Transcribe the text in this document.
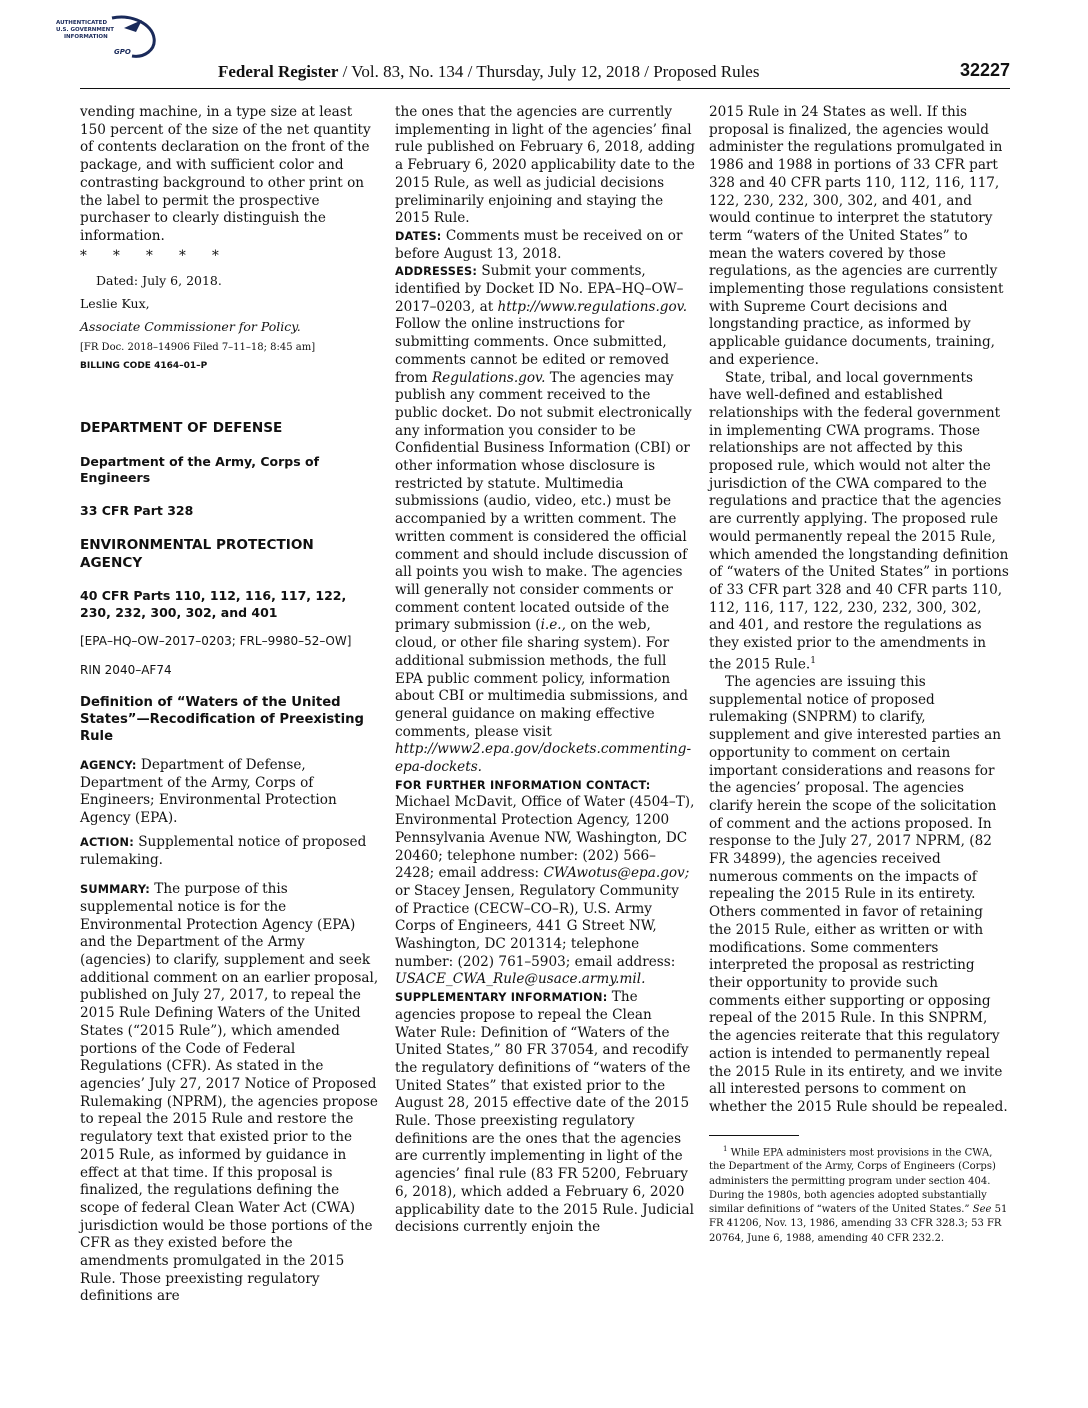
AUTHENTICATED
U.S. GOVERNMENT
INFORMATION
GPO
Federal Register / Vol. 83, No. 134 / Thursday, July 12, 2018 / Proposed Rules	32227

vending machine, in a type size at least 150 percent of the size of the net quantity of contents declaration on the front of the package, and with sufficient color and contrasting background to other print on the label to permit the prospective purchaser to clearly distinguish the information.

* * * * *

Dated: July 6, 2018.

Leslie Kux,

Associate Commissioner for Policy.

[FR Doc. 2018–14906 Filed 7–11–18; 8:45 am]

BILLING CODE 4164–01–P

DEPARTMENT OF DEFENSE

Department of the Army, Corps of Engineers

33 CFR Part 328

ENVIRONMENTAL PROTECTION AGENCY

40 CFR Parts 110, 112, 116, 117, 122, 230, 232, 300, 302, and 401

[EPA–HQ–OW–2017–0203; FRL–9980–52–OW]

RIN 2040–AF74

Definition of “Waters of the United States”—Recodification of Preexisting Rule

AGENCY: Department of Defense, Department of the Army, Corps of Engineers; Environmental Protection Agency (EPA).

ACTION: Supplemental notice of proposed rulemaking.

SUMMARY: The purpose of this supplemental notice is for the Environmental Protection Agency (EPA) and the Department of the Army (agencies) to clarify, supplement and seek additional comment on an earlier proposal, published on July 27, 2017, to repeal the 2015 Rule Defining Waters of the United States (“2015 Rule”), which amended portions of the Code of Federal Regulations (CFR). As stated in the agencies’ July 27, 2017 Notice of Proposed Rulemaking (NPRM), the agencies propose to repeal the 2015 Rule and restore the regulatory text that existed prior to the 2015 Rule, as informed by guidance in effect at that time. If this proposal is finalized, the regulations defining the scope of federal Clean Water Act (CWA) jurisdiction would be those portions of the CFR as they existed before the amendments promulgated in the 2015 Rule. Those preexisting regulatory definitions are

the ones that the agencies are currently implementing in light of the agencies’ final rule published on February 6, 2018, adding a February 6, 2020 applicability date to the 2015 Rule, as well as judicial decisions preliminarily enjoining and staying the 2015 Rule.

DATES: Comments must be received on or before August 13, 2018.

ADDRESSES: Submit your comments, identified by Docket ID No. EPA–HQ–OW–2017–0203, at http://www.regulations.gov. Follow the online instructions for submitting comments. Once submitted, comments cannot be edited or removed from Regulations.gov. The agencies may publish any comment received to the public docket. Do not submit electronically any information you consider to be Confidential Business Information (CBI) or other information whose disclosure is restricted by statute. Multimedia submissions (audio, video, etc.) must be accompanied by a written comment. The written comment is considered the official comment and should include discussion of all points you wish to make. The agencies will generally not consider comments or comment content located outside of the primary submission (i.e., on the web, cloud, or other file sharing system). For additional submission methods, the full EPA public comment policy, information about CBI or multimedia submissions, and general guidance on making effective comments, please visit http://www2.epa.gov/dockets.commenting-epa-dockets.

FOR FURTHER INFORMATION CONTACT: Michael McDavit, Office of Water (4504–T), Environmental Protection Agency, 1200 Pennsylvania Avenue NW, Washington, DC 20460; telephone number: (202) 566–2428; email address: CWAwotus@epa.gov; or Stacey Jensen, Regulatory Community of Practice (CECW–CO–R), U.S. Army Corps of Engineers, 441 G Street NW, Washington, DC 201314; telephone number: (202) 761–5903; email address: USACE_CWA_Rule@usace.army.mil.

SUPPLEMENTARY INFORMATION: The agencies propose to repeal the Clean Water Rule: Definition of “Waters of the United States,” 80 FR 37054, and recodify the regulatory definitions of “waters of the United States” that existed prior to the August 28, 2015 effective date of the 2015 Rule. Those preexisting regulatory definitions are the ones that the agencies are currently implementing in light of the agencies’ final rule (83 FR 5200, February 6, 2018), which added a February 6, 2020 applicability date to the 2015 Rule. Judicial decisions currently enjoin the

2015 Rule in 24 States as well. If this proposal is finalized, the agencies would administer the regulations promulgated in 1986 and 1988 in portions of 33 CFR part 328 and 40 CFR parts 110, 112, 116, 117, 122, 230, 232, 300, 302, and 401, and would continue to interpret the statutory term “waters of the United States” to mean the waters covered by those regulations, as the agencies are currently implementing those regulations consistent with Supreme Court decisions and longstanding practice, as informed by applicable guidance documents, training, and experience.

State, tribal, and local governments have well-defined and established relationships with the federal government in implementing CWA programs. Those relationships are not affected by this proposed rule, which would not alter the jurisdiction of the CWA compared to the regulations and practice that the agencies are currently applying. The proposed rule would permanently repeal the 2015 Rule, which amended the longstanding definition of “waters of the United States” in portions of 33 CFR part 328 and 40 CFR parts 110, 112, 116, 117, 122, 230, 232, 300, 302, and 401, and restore the regulations as they existed prior to the amendments in the 2015 Rule.$^1$

The agencies are issuing this supplemental notice of proposed rulemaking (SNPRM) to clarify, supplement and give interested parties an opportunity to comment on certain important considerations and reasons for the agencies’ proposal. The agencies clarify herein the scope of the solicitation of comment and the actions proposed. In response to the July 27, 2017 NPRM, (82 FR 34899), the agencies received numerous comments on the impacts of repealing the 2015 Rule in its entirety. Others commented in favor of retaining the 2015 Rule, either as written or with modifications. Some commenters interpreted the proposal as restricting their opportunity to provide such comments either supporting or opposing repeal of the 2015 Rule. In this SNPRM, the agencies reiterate that this regulatory action is intended to permanently repeal the 2015 Rule in its entirety, and we invite all interested persons to comment on whether the 2015 Rule should be repealed.

$^1$ While EPA administers most provisions in the CWA, the Department of the Army, Corps of Engineers (Corps) administers the permitting program under section 404. During the 1980s, both agencies adopted substantially similar definitions of “waters of the United States.” See 51 FR 41206, Nov. 13, 1986, amending 33 CFR 328.3; 53 FR 20764, June 6, 1988, amending 40 CFR 232.2.
